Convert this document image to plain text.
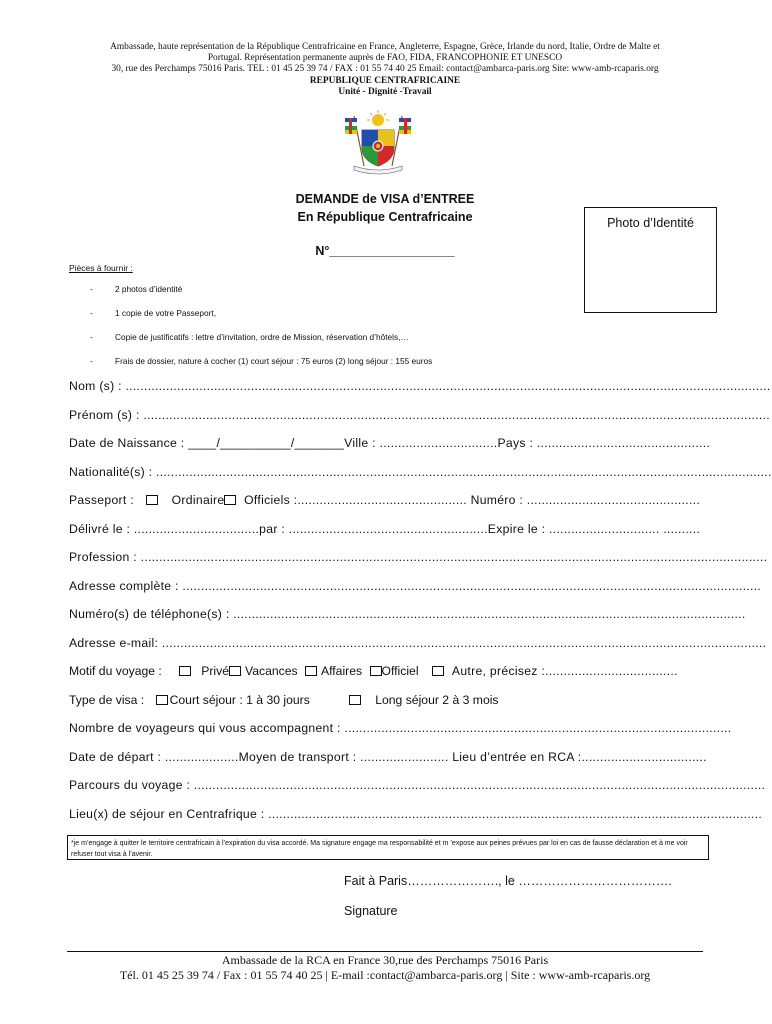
Ambassade, haute représentation de la République Centrafricaine en France, Angleterre, Espagne, Grèce, Irlande du nord, Italie, Ordre de Malte et
Portugal. Représentation permanente auprès de FAO, FIDA, FRANCOPHONIE ET UNESCO
30, rue des Perchamps 75016 Paris. TEL : 01 45 25 39 74 / FAX : 01 55 74 40 25 Email: contact@ambarca-paris.org Site: www-amb-rcaparis.org
REPUBLIQUE CENTRAFRICAINE
Unité - Dignité -Travail
DEMANDE de VISA d’ENTREE
En République Centrafricaine
N°__________________
Photo d’Identité
Pièces à fournir :
-	2 photos d’identité
-	1 copie de votre Passeport,
-	Copie de justificatifs : lettre d’invitation, ordre de Mission, réservation d’hôtels,…
-	Frais de dossier, nature à cocher (1) court séjour : 75 euros (2) long séjour : 155 euros
Nom (s) : ...............................................................................................................................................................................
Prénom (s) : ..........................................................................................................................................................................
Date de Naissance : ____/__________/_______Ville : ................................Pays : ...............................................
Nationalité(s) : .......................................................................................................................................................................
Passeport :	Ordinaire Officiels :.............................................. Numéro : ...............................................
Délivré le : ..................................par : ......................................................Expire le : .............................. ..........
Profession : ..........................................................................................................................................................................
Adresse complète : .............................................................................................................................................................
Numéro(s) de téléphone(s) : ...........................................................................................................................................
Adresse e-mail: ....................................................................................................................................................................
Motif du voyage :	Privé Vacances Affaires Officiel	Autre, précisez :....................................
Type de visa : Court séjour : 1 à 30 jours	Long séjour 2 à 3 mois
Nombre de voyageurs qui vous accompagnent : .........................................................................................................
Date de départ : ....................Moyen de transport : ........................ Lieu d’entrée en RCA :..................................
Parcours du voyage : ...........................................................................................................................................................
Lieu(x) de séjour en Centrafrique : ......................................................................................................................................
*je m’engage à quitter le territoire centrafricain à l’expiration du visa accordé. Ma signature engage ma responsabilité et m ’expose aux peines prévues par loi en cas de fausse déclaration et à me voir refuser tout visa à l’avenir.
Fait à Paris…………………., le ……………………………….
Signature
Ambassade de la RCA en France 30,rue des Perchamps 75016 Paris
Tél. 01 45 25 39 74 / Fax : 01 55 74 40 25 | E-mail :contact@ambarca-paris.org | Site : www-amb-rcaparis.org
